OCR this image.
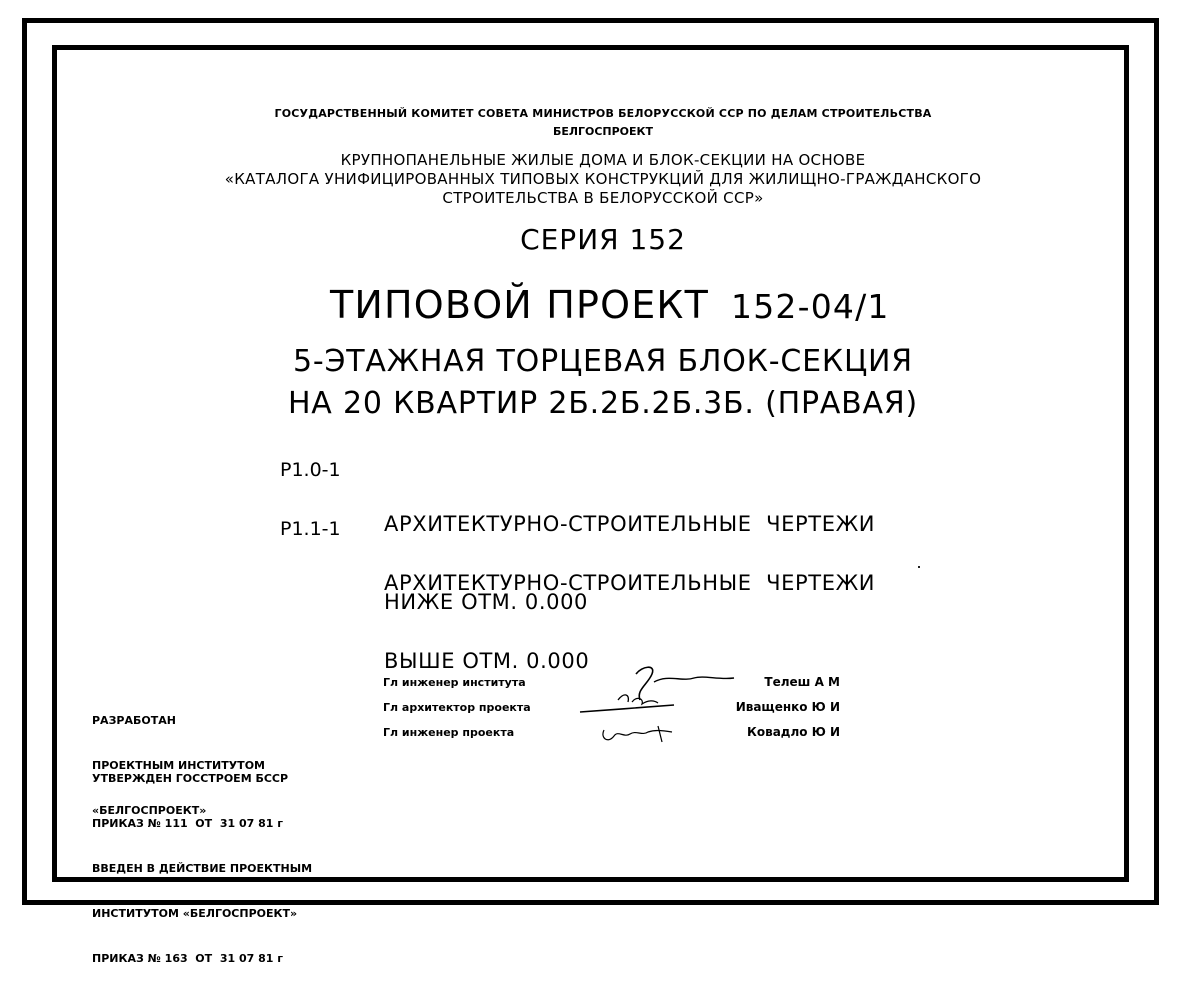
ГОСУДАРСТВЕННЫЙ КОМИТЕТ СОВЕТА МИНИСТРОВ БЕЛОРУССКОЙ ССР ПО ДЕЛАМ СТРОИТЕЛЬСТВА
БЕЛГОСПРОЕКТ
КРУПНОПАНЕЛЬНЫЕ ЖИЛЫЕ ДОМА И БЛОК-СЕКЦИИ НА ОСНОВЕ
«КАТАЛОГА УНИФИЦИРОВАННЫХ ТИПОВЫХ КОНСТРУКЦИЙ ДЛЯ ЖИЛИЩНО-ГРАЖДАНСКОГО
СТРОИТЕЛЬСТВА В БЕЛОРУССКОЙ ССР»
СЕРИЯ 152
ТИПОВОЙ ПРОЕКТ 152-04/1
5-ЭТАЖНАЯ ТОРЦЕВАЯ БЛОК-СЕКЦИЯ
НА 20 КВАРТИР 2Б.2Б.2Б.3Б. (ПРАВАЯ)
Р1.0-1

АРХИТЕКТУРНО-СТРОИТЕЛЬНЫЕ  ЧЕРТЕЖИ

НИЖЕ ОТМ. 0.000

Р1.1-1

АРХИТЕКТУРНО-СТРОИТЕЛЬНЫЕ  ЧЕРТЕЖИ

ВЫШЕ ОТМ. 0.000

РАЗРАБОТАН

ПРОЕКТНЫМ ИНСТИТУТОМ

«БЕЛГОСПРОЕКТ»

УТВЕРЖДЕН ГОССТРОЕМ БССР

ПРИКАЗ № 111  ОТ  31 07 81 г

ВВЕДЕН В ДЕЙСТВИЕ ПРОЕКТНЫМ

ИНСТИТУТОМ «БЕЛГОСПРОЕКТ»

ПРИКАЗ № 163  ОТ  31 07 81 г

Гл инженер института
Гл архитектор проекта
Гл инженер проекта
Телеш А М
Иващенко Ю И
Ковадло Ю И
